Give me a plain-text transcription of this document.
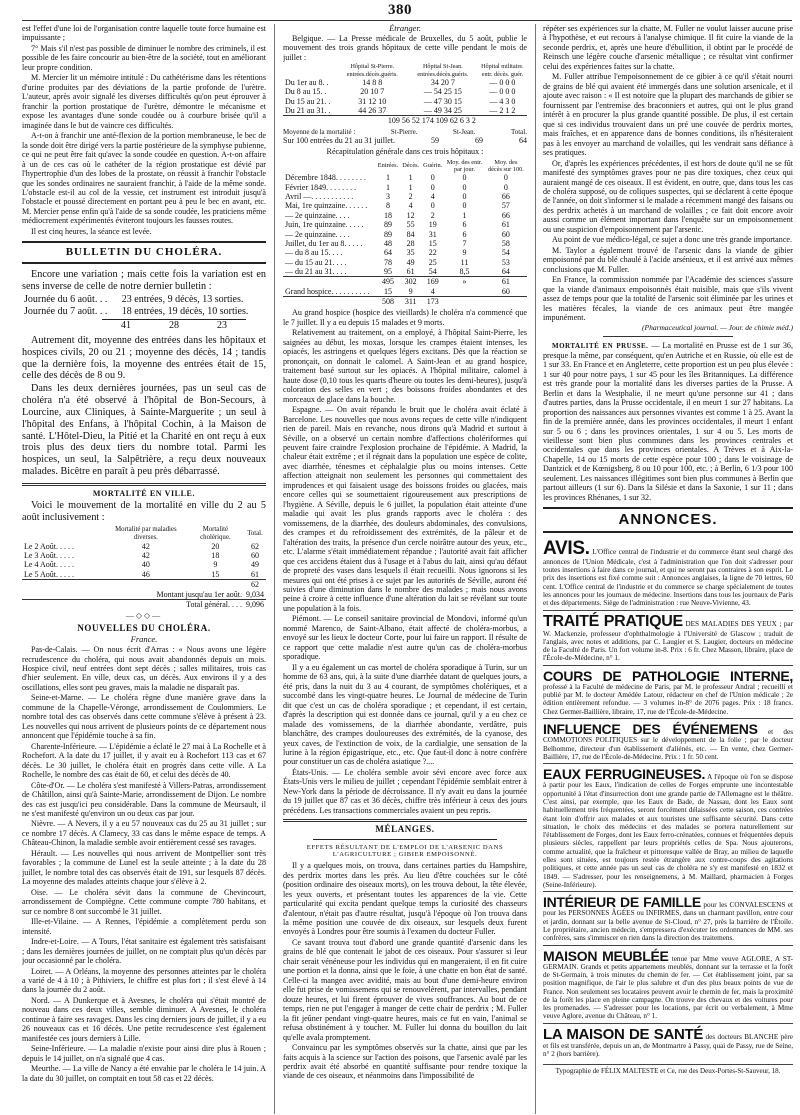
380

est l'effet d'une loi de l'organisation contre laquelle toute force humaine est impuissante ;

7° Mais s'il n'est pas possible de diminuer le nombre des criminels, il est possible de les faire concourir au bien-être de la société, tout en améliorant leur propre condition.

M. Mercier lit un mémoire intitulé : Du cathétérisme dans les rétentions d'urine produites par des déviations de la partie profonde de l'urètre. L'auteur, après avoir signalé les diverses difficultés qu'on peut éprouver à franchir la portion prostatique de l'urètre, démontre le mécanisme et expose les avantages d'une sonde coudée ou à courbure brisée qu'il a imaginée dans le but de vaincre ces difficultés.

A-t-on à franchir une anté-flexion de la portion membraneuse, le bec de la sonde doit être dirigé vers la partie postérieure de la symphyse pubienne, ce qui ne peut être fait qu'avec la sonde coudée en question. A-t-on affaire à un de ces cas où le cathéter de la région prostatique est dévié par l'hypertrophie d'un des lobes de la prostate, on réussit à franchir l'obstacle que les sondes ordinaires ne sauraient franchir, à l'aide de la même sonde. L'obstacle est-il au col de la vessie, cet instrument est introduit jusqu'à l'obstacle et poussé directement en portant peu à peu le bec en avant, etc. M. Mercier pense enfin qu'à l'aide de sa sonde coudée, les praticiens même médiocrement expérimentés éviteront toujours les fausses routes.

Il est cinq heures, la séance est levée.

BULLETIN DU CHOLÉRA.

Encore une variation ; mais cette fois la variation est en sens inverse de celle de notre dernier bulletin :

Journée du 6 août. . .	23 entrées, 9 décès, 13 sorties.
Journée du 7 août. . .	18 entrées, 19 décès, 10 sorties.
41	28	23

Autrement dit, moyenne des entrées dans les hôpitaux et hospices civils, 20 ou 21 ; moyenne des décès, 14 ; tandis que la dernière fois, la moyenne des entrées était de 15, celle des décès de 8 ou 9.

Dans les deux dernières journées, pas un seul cas de choléra n'a été observé à l'hôpital de Bon-Secours, à Lourcine, aux Cliniques, à Sainte-Marguerite ; un seul à l'hôpital des Enfans, à l'hôpital Cochin, à la Maison de santé. L'Hôtel-Dieu, la Pitié et la Charité en ont reçu à eux trois plus des deux tiers du nombre total. Parmi les hospices, un seul, la Salpêtrière, a reçu deux nouveaux malades. Bicêtre en paraît à peu près débarrassé.

MORTALITÉ EN VILLE.

Voici le mouvement de la mortalité en ville du 2 au 5 août inclusivement :

	Mortalité par maladies diverses.	Mortalité cholérique.	Total.
Le 2 Août. . . . .	42	20	62
Le 3 Août. . . . .	42	18	60
Le 4 Août. . . . .	40	9	49
Le 5 Août. . . . .	46	15	61
			62
Montant jusqu'au 1er août.			9,034
Total général. . . .			9,096
—◇◇—
NOUVELLES DU CHOLÉRA.
France.

Pas-de-Calais. — On nous écrit d'Arras : « Nous avons une légère recrudescence du choléra, qui nous avait abandonnés depuis un mois. Hospice civil, neuf entrées dont sept décès ; salles militaires, trois cas d'hier seulement. En ville, deux cas, un décès. Aux environs il y a des oscillations, elles sont peu graves, mais la maladie ne disparaît pas.

Seine-et-Marne. — Le choléra règne d'une manière grave dans la commune de la Chapelle-Véronge, arrondissement de Coulommiers. Le nombre total des cas observés dans cette commune s'élève à présent à 23. Les nouvelles qui nous arrivent de plusieurs points de ce département nous annoncent que l'épidémie touche à sa fin.

Charente-Inférieure. — L'épidémie a éclaté le 27 mai à La Rochelle et à Rochefort. A la date du 17 juillet, il y avait eu à Rochefort 113 cas et 67 décès. Le 30 juillet, le choléra était en progrès dans cette ville. A La Rochelle, le nombre des cas était de 60, et celui des décès de 40.

Côte-d'Or. — Le choléra s'est manifesté à Villers-Patras, arrondissement de Châtillon, ainsi qu'à Sainte-Marie, arrondissement de Dijon. Le nombre des cas est jusqu'ici peu considérable. Dans la commune de Meursault, il ne s'est manifesté qu'environ un ou deux cas par jour.

Nièvre. — A Nevers, il y a eu 57 nouveaux cas du 25 au 31 juillet ; sur ce nombre 17 décès. A Clamecy, 33 cas dans le même espace de temps. A Château-Chinon, la maladie semble avoir entièrement cessé ses ravages.

Hérault. — Les nouvelles qui nous arrivent de Montpellier sont très favorables ; la commune de Lunel est la seule atteinte ; à la date du 28 juillet, le nombre total des cas observés était de 191, sur lesquels 87 décès. La moyenne des malades atteints chaque jour s'élève à 2.

Oise. — Le choléra sévit dans la commune de Chevincourt, arrondissement de Compiègne. Cette commune compte 780 habitans, et sur ce nombre 8 ont succombé le 31 juillet.

Ille-et-Vilaine. — A Rennes, l'épidémie a complètement perdu son intensité.

Indre-et-Loire. — A Tours, l'état sanitaire est également très satisfaisant ; dans les dernières journées de juillet, on ne comptait plus qu'un décès par jour occasionné par le choléra.

Loiret. — A Orléans, la moyenne des personnes atteintes par le choléra a varié de 4 à 10 ; à Pithiviers, le chiffre est plus fort ; il s'est élevé à 14 dans la journée du 2 août.

Nord. — A Dunkerque et à Avesnes, le choléra qui s'était montré de nouveau dans ces deux villes, semble diminuer. A Avesnes, le choléra continue à faire ses ravages. Dans les cinq derniers jours de juillet, il y a eu 26 nouveaux cas et 16 décès. Une petite recrudescence s'est également manifestée ces jours derniers à Lille.

Seine-Inférieure. — La maladie n'existe pour ainsi dire plus à Rouen ; depuis le 14 juillet, on n'a signalé que 4 cas.

Meurthe. — La ville de Nancy a été envahie par le choléra le 14 juin. A la date du 30 juillet, on comptait en tout 58 cas et 22 décès.

Étranger.

Belgique. — La Presse médicale de Bruxelles, du 5 août, publie le mouvement des trois grands hôpitaux de cette ville pendant le mois de juillet :

	Hôpital St-Pierre. entrées.décès.guéris.	Hôpital St-Jean. entrées.décès.guéris.	Hôpital militaire. entr. décès. guér.
Du 1er au 8. .	14 8 8	34 20 7	— 0 0 0
Du 8 au 15. .	20 10 7	— 54 25 15	— 0 0 0
Du 15 au 21. .	31 12 10	— 47 30 15	— 4 3 0
Du 21 au 31. .	44 26 37	— 49 34 25	— 2 1 2
	109 56 52 174 109 62 6 3 2		
Moyenne de la mortalité :	St-Pierre.	St-Jean.	Total.
Sur 100 entrées du 21 au 31 juillet.	59	69	64
Récapitulation générale dans ces trois hôpitaux :
	Entrées.	Décès.	Guérin.	Moy. des entr. par jour.	Moy. des décès sur 100.
Décembre 1848. . . . . . . .	1	1	0	0	0
Février 1849. . . . . . . .	1	1	0	0	0
Avril —. . . . . . . . . . .	3	2	4	0	66
Mai, 1re quinzaine. . . . . .	8	4	0	0	57
— 2e quinzaine. . . .	18	12	2	1	66
Juin, 1re quinzaine. . . . .	89	55	19	6	61
— 2e quinzaine. . . .	89	84	31	6	60
Juillet, du 1er au 8. . . . .	48	28	15	7	58
— du 8 au 15. . . .	64	35	22	9	54
— du 15 au 21. . . .	78	49	25	11	53
— du 21 au 31. . . .	95	61	54	8,5	64
	495	302	169	»	61
Grand hospice. . . . . . . . . .	15	9	4		60
	508	311	173		

Au grand hospice (hospice des vieillards) le choléra n'a commencé que le 7 juillet. Il y a eu depuis 15 malades et 9 morts.

Relativement au traitement, on a employé, à l'hôpital Saint-Pierre, les saignées au début, les moxas, lorsque les crampes étaient intenses, les opiacés, les astringens et quelques légers excitans. Dès que la réaction se prononçait, on donnait le calomel. A Saint-Jean et au grand hospice, traitement basé surtout sur les opiacés. A l'hôpital militaire, calomel à haute dose (0,10 tous les quarts d'heure ou toutes les demi-heures), jusqu'à coloration des selles en vert ; des boissons froides abondantes et des morceaux de glace dans la bouche.

Espagne. — On avait répandu le bruit que le choléra avait éclaté à Barcelone. Les nouvelles que nous avons reçues de cette ville n'indiquent rien de pareil. Mais en revanche, nous dirons qu'à Madrid et surtout à Séville, on a observé un certain nombre d'affections cholériformes qui peuvent faire craindre l'explosion prochaine de l'épidémie. A Madrid, la chaleur était extrême ; et il régnait dans la population une espèce de colite, avec diarrhée, ténesmes et céphalalgie plus ou moins intenses. Cette affection atteignait non seulement les personnes qui commettaient des imprudences et qui faisaient usage des boissons froides ou glacées, mais encore celles qui se soumettaient rigoureusement aux prescriptions de l'hygiène. A Séville, depuis le 6 juillet, la population était atteinte d'une maladie qui avait les plus grands rapports avec le choléra : des vomissemens, de la diarrhée, des douleurs abdominales, des convulsions, des crampes et du refroidissement des extrémités, de la pâleur et de l'altération des traits, la présence d'un cercle noirâtre autour des yeux, etc., etc. L'alarme s'était immédiatement répandue ; l'autorité avait fait afficher que ces accidens étaient dus à l'usage et à l'abus du lait, ainsi qu'au défaut de propreté des vases dans lesquels il était recueilli. Nous ignorons si les mesures qui ont été prises à ce sujet par les autorités de Séville, auront été suivies d'une diminution dans le nombre des malades ; mais nous avons peine à croire à cette influence d'une altération du lait se révélant sur toute une population à la fois.

Piémont. — Le conseil sanitaire provincial de Mondovi, informé qu'un nommé Marenco, de Saint-Albano, était affecté de choléra-morbus, a envoyé sur les lieux le docteur Corte, pour lui faire un rapport. Il résulte de ce rapport que cette maladie n'est autre qu'un cas de choléra-morbus sporadique.

Il y a eu également un cas mortel de choléra sporadique à Turin, sur un homme de 63 ans, qui, à la suite d'une diarrhée datant de quelques jours, a été pris, dans la nuit du 3 au 4 courant, de symptômes cholériques, et a succombé dans les vingt-quatre heures. Le Journal de médecine de Turin dit que c'est un cas de choléra sporadique ; et cependant, il est certain, d'après la description qui est donnée dans ce journal, qu'il y a eu chez ce malade des vomissemens, de la diarrhée abondante, verdâtre, puis blanchâtre, des crampes douloureuses des extrémités, de la cyanose, des yeux caves, de l'extinction de voix, de la cardialgie, une sensation de la lurine à la région épigastrique, etc., etc. Que faut-il donc à notre confrère pour constituer un cas de choléra asiatique ?....

États-Unis. — Le choléra semble avoir sévi encore avec force aux États-Unis vers le milieu de juillet ; cependant l'épidémie semblait entrer à New-York dans la période de décroissance. Il n'y avait eu dans la journée du 19 juillet que 87 cas et 36 décès, chiffre très inférieur à ceux des jours précédens. Les transactions commerciales avaient un peu repris.

MÉLANGES.
EFFETS RÉSULTANT DE L'EMPLOI DE L'ARSENIC DANS L'AGRICULTURE ; GIBIER EMPOISONNÉ.

Il y a quelques mois, on trouva, dans certaines parties du Hampshire, des perdrix mortes dans les prés. Au lieu d'être couchées sur le côté (position ordinaire des oiseaux morts), on les trouva debout, la tête élevée, les yeux ouverts, et présentant toutes les apparences de la vie. Cette particularité qui excita pendant quelque temps la curiosité des chasseurs d'alentour, n'était pas d'autre résultat, jusqu'à l'époque où l'on trouva dans la même position une couvée de dix oiseaux, sur lesquels deux furent envoyés à Londres pour être soumis à l'examen du docteur Fuller.

Ce savant trouva tout d'abord une grande quantité d'arsenic dans les grains de blé que contenait le jabot de ces oiseaux. Pour s'assurer si leur chair serait vénéneuse pour les individus qui en mangeraient, il en fit cuire une portion et la donna, ainsi que le foie, à une chatte en bon état de santé. Celle-ci la mangea avec avidité, mais au bout d'une demi-heure environ elle fut prise de vomissemens qui se renouvelèrent, par intervalles, pendant douze heures, et lui firent éprouver de vives souffrances. Au bout de ce temps, rien ne put l'engager à manger de cette chair de perdrix ; M. Fuller la fit jeûner pendant vingt-quatre heures, mais ce fut en vain, l'animal se refusa obstinément à y toucher. M. Fuller lui donna du bouillon du lait qu'elle avala promptement.

Convaincu par les symptômes observés sur la chatte, ainsi que par les faits acquis à la science sur l'action des poisons, que l'arsenic avalé par les perdrix avait été absorbé en quantité suffisante pour rendre toxique la viande de ces oiseaux, et néanmoins dans l'impossibilité de

répéter ses expériences sur la chatte, M. Fuller ne voulut laisser aucune prise à l'hypothèse, et eut recours à l'analyse chimique. Il fit cuire la viande de la seconde perdrix, et, après une heure d'ébullition, il obtint par le procédé de Reinsch une légère couche d'arsenic métallique ; ce résultat vint confirmer celui des expériences faites sur la chatte.

M. Fuller attribue l'empoisonnement de ce gibier à ce qu'il s'était nourri de grains de blé qui avaient été immergés dans une solution arsenicale, et il ajoute avec raison : « Il est notoire que la plupart des marchands de gibier se fournissent par l'entremise des braconniers et autres, qui ont le plus grand intérêt à en procurer la plus grande quantité possible. De plus, il est certain que si ces individus trouvaient dans un pré une couvée de perdrix mortes, mais fraîches, et en apparence dans de bonnes conditions, ils n'hésiteraient pas à les envoyer au marchand de volailles, qui les vendrait sans défiance à ses pratiques.

Or, d'après les expériences précédentes, il est hors de doute qu'il ne se fût manifesté des symptômes graves pour ne pas dire toxiques, chez ceux qui auraient mangé de ces oiseaux. Il est évident, en outre, que, dans tous les cas de choléra supposé, ou de coliques suspectes, qui se déclarent à cette époque de l'année, on doit s'informer si le malade a récemment mangé des faisans ou des perdrix achetés à un marchand de volailles ; ce fait doit encore avoir aussi comme un élément important dans l'enquête sur un empoisonnement ou une suspicion d'empoisonnement par l'arsenic.

Au point de vue médico-légal, ce sujet a donc une très grande importance.

M. Taylor a également trouvé de l'arsenic dans la viande de gibier empoisonné par du blé chaulé à l'acide arsénieux, et il est arrivé aux mêmes conclusions que M. Fuller.

En France, la commission nommée par l'Académie des sciences s'assure que la viande d'animaux empoisonnés était nuisible, mais que s'ils vivent assez de temps pour que la totalité de l'arsenic soit éliminée par les urines et les matières fécales, la viande de ces animaux peut être mangée impunément.

(Pharmaceutical journal. — Jour. de chimie méd.)

MORTALITÉ EN PRUSSE. — La mortalité en Prusse est de 1 sur 36, presque la même, par conséquent, qu'en Autriche et en Russie, où elle est de 1 sur 33. En France et en Angleterre, cette proportion est un peu plus élevée : 1 sur 40 pour notre pays, 1 sur 45 pour les îles Britanniques. La différence est très grande pour la mortalité dans les diverses parties de la Prusse. A Berlin et dans la Westphalie, il ne meurt qu'une personne sur 41 ; dans d'autres parties, dans la Prusse occidentale, il en meurt 1 sur 27 habitans. La proportion des naissances aux personnes vivantes est comme 1 à 25. Avant la fin de la première année, dans les provinces occidentales, il meurt 1 enfant sur 5 ou 6 ; dans les provinces orientales, 1 sur 4 ou 5. Les morts de vieillesse sont bien plus communes dans les provinces centrales et occidentales que dans les provinces orientales. A Trèves et à Aix-la-Chapelle, 14 ou 15 morts de cette espèce pour 100 ; dans le voisinage de Dantzick et de Kœnigsberg, 8 ou 10 pour 100, etc. ; à Berlin, 6 1/3 pour 100 seulement. Les naissances illégitimes sont bien plus communes à Berlin que partout ailleurs (1 sur 6). Dans la Silésie et dans la Saxonie, 1 sur 11 ; dans les provinces Rhénanes, 1 sur 32.

ANNONCES.
AVIS. L'Office central de l'industrie et du commerce étant seul chargé des annonces de l'Union Médicale, c'est à l'administration que l'on doit s'adresser pour toutes insertions à faire dans ce journal, et qui ne seront pas contraires à son esprit. Le prix des insertions est fixé comme suit : Annonces anglaises, la ligne de 70 lettres, 60 cent. L'Office central de l'industrie et du commerce se charge spécialement de toutes les annonces pour les journaux de médecine. Insertions dans tous les journaux de Paris et des départements. Siège de l'administration : rue Neuve-Vivienne, 43.
TRAITÉ PRATIQUE DES MALADIES DES YEUX ; par W. Mackenzie, professeur d'ophthalmologie à l'Université de Glascow ; traduit de l'anglais, avec notes et additions, par C. Laugier et S. Laugier, docteurs en médecine de la Faculté de Paris. Un fort volume in-8. Prix : 6 fr. Chez Masson, libraire, place de l'École-de-Médecine, n° 1.
COURS DE PATHOLOGIE INTERNE, professé à la Faculté de médecine de Paris, par M. le professeur Andral ; recueilli et publié par M. le docteur Amédée Latour, rédacteur en chef de l'Union médicale ; 2e édition entièrement refondue. — 3 volumes in-8° de 2076 pages. Prix : 18 francs. Chez Germer-Baillière, libraire, 17, rue de l'École-de-Médecine.
INFLUENCE DES ÉVÉNEMENS et des COMMOTIONS POLITIQUES sur le développement de la folie ; par le docteur Belhomme, directeur d'un établissement d'aliénés, etc. — En vente, chez Germer-Baillière, 17, rue de l'École-de-Médecine. Prix : 1 fr. 50 cent.
EAUX FERRUGINEUSES. A l'époque où l'on se dispose à partir pour les Eaux, l'indication de celles de Forges emprunte une incontestable opportunité à l'état d'insurrection dont une grande partie de l'Allemagne est le théâtre. C'est ainsi, par exemple, que les Eaux de Bade, de Nassau, dont les Eaux sont habituellement très fréquentées, seront forcément délaissées cette saison, ces contrées étant loin d'offrir aux malades et aux touristes une suffisante sécurité. Dans cette situation, le choix des médecins et des malades se portera naturellement sur l'établissement de Forges, dont les Eaux ferro-crénatées, connues et fréquentées depuis plusieurs siècles, rappellent par leurs propriétés celles de Spa. Nous ajouterons, comme actualité, que la fraîcheur et pittoresque vallée de Bray, au milieu de laquelle elles sont situées, est toujours restée étrangère aux contre-coups des agitations politiques, et cette année pas un seul cas de choléra ne s'y est manifesté en 1832 et 1849. — S'adresser, pour les renseignemens, à M. Maillard, pharmacien à Forges (Seine-Inférieure).
INTÉRIEUR DE FAMILLE pour les CONVALESCENS et pour les PERSONNES ÂGÉES ou INFIRMES, dans un charmant pavillon, entre cour et jardin, donnant sur la belle avenue de St-Cloud, n° 27, près la barrière de l'Étoile. Le propriétaire, ancien médecin, s'empressera d'exécuter les ordonnances de MM. ses confrères, sans s'immiscer en rien dans la direction des traitemens.
MAISON MEUBLÉE tenue par Mme veuve AGLORE, A ST-GERMAIN. Grands et petits appartemens meublés, donnant sur la terrasse et la forêt de St-Germain, à trois minutes du chemin de fer. — Cet établissement joint, par sa position magnifique, de l'air le plus salubre et d'un des plus beaux points de vue de France. Non seulement ses locataires peuvent avoir le chemin de fer, mais la proximité de la forêt les place en pleine campagne. On trouve des chevaux et des voitures pour les promenades. — S'adresser pour les locations, par écrit ou verbalement, à Mme veuve Aglore, avenue du Château, n° 1.
LA MAISON DE SANTÉ des docteurs BLANCHE père et fils est transférée, depuis un an, de Montmartre à Passy, quai de Passy, rue de Seine, n° 2 (hors barrière).
Typographie de FÉLIX MALTESTE et Ce, rue des Deux-Portes-St-Sauveur, 18.
